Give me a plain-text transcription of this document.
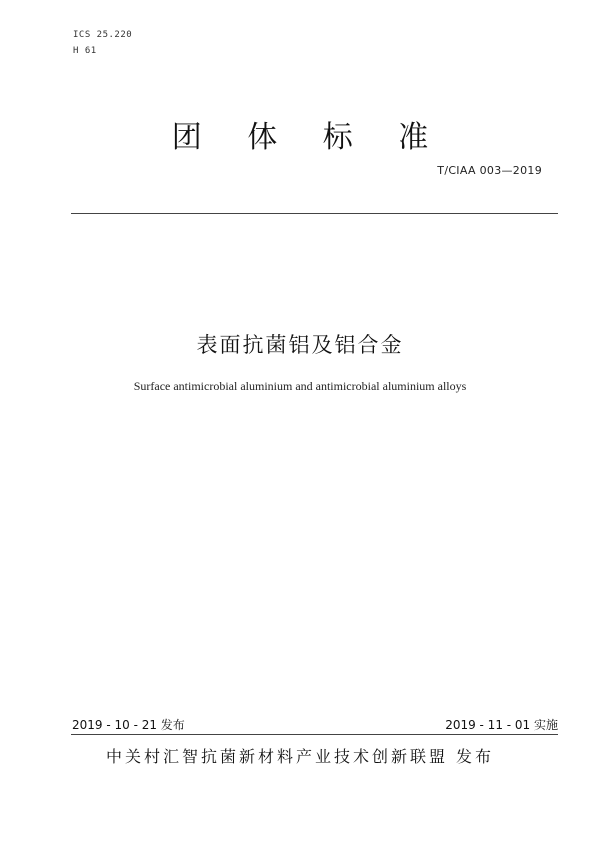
ICS 25.220
H 61
团 体 标 准
T/CIAA 003—2019
表面抗菌铝及铝合金
Surface antimicrobial aluminium and antimicrobial aluminium alloys
2019 - 10 - 21 发布	2019 - 11 - 01 实施
中关村汇智抗菌新材料产业技术创新联盟 发布
